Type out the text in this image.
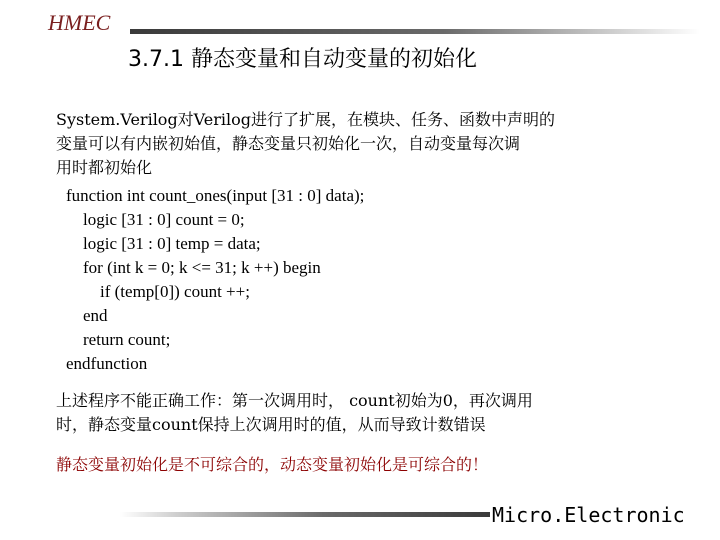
HMEC
3.7.1 静态变量和自动变量的初始化
System.Verilog对Verilog进行了扩展，在模块、任务、函数中声明的
变量可以有内嵌初始值，静态变量只初始化一次，自动变量每次调
用时都初始化
function int count_ones(input [31 : 0] data);
logic [31 : 0] count = 0;
logic [31 : 0] temp = data;
for (int k = 0; k <= 31; k ++) begin
if (temp[0]) count ++;
end
return count;
endfunction
上述程序不能正确工作：第一次调用时， count初始为0，再次调用
时，静态变量count保持上次调用时的值，从而导致计数错误
静态变量初始化是不可综合的，动态变量初始化是可综合的！
Micro.Electronic
